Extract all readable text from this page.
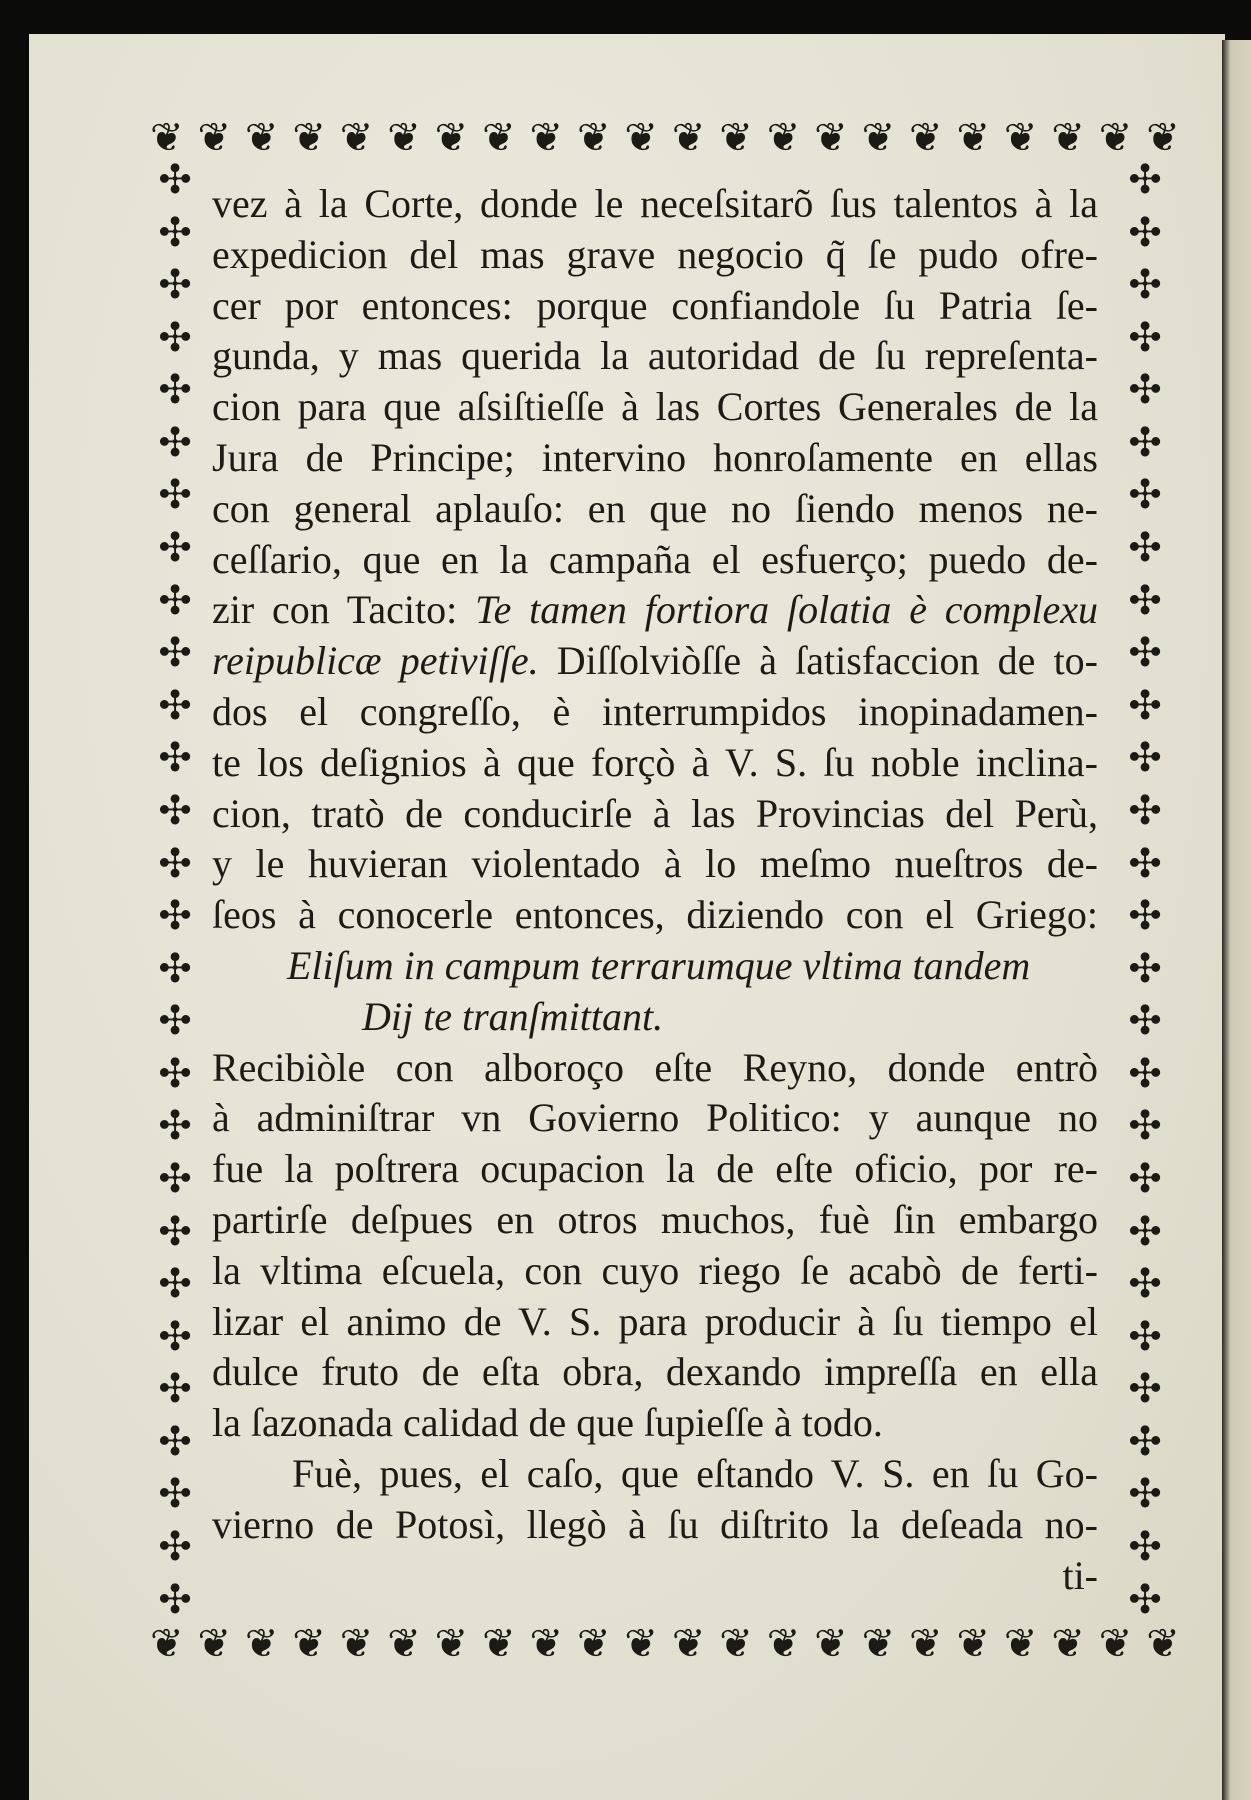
❦ ❦ ❦ ❦ ❦ ❦ ❦ ❦ ❦ ❦ ❦ ❦ ❦ ❦ ❦ ❦ ❦ ❦ ❦ ❦ ❦ ❦
❦ ❦ ❦ ❦ ❦ ❦ ❦ ❦ ❦ ❦ ❦ ❦ ❦ ❦ ❦ ❦ ❦ ❦ ❦ ❦ ❦ ❦
✣
✣
✣
✣
✣
✣
✣
✣
✣
✣
✣
✣
✣
✣
✣
✣
✣
✣
✣
✣
✣
✣
✣
✣
✣
✣
✣
✣
✣
✣
✣
✣
✣
✣
✣
✣
✣
✣
✣
✣
✣
✣
✣
✣
✣
✣
✣
✣
✣
✣
✣
✣
✣
✣
✣
✣
vez à la Corte, donde le neceſsitarõ ſus talentos à la
expedicion del mas grave negocio q̃ ſe pudo ofre-
cer por entonces: porque confiandole ſu Patria ſe-
gunda, y mas querida la autoridad de ſu repreſenta-
cion para que aſsiſtieſſe à las Cortes Generales de la
Jura de Principe; intervino honroſamente en ellas
con general aplauſo: en que no ſiendo menos ne-
ceſſario, que en la campaña el esfuerço; puedo de-
zir con Tacito: Te tamen fortiora ſolatia è complexu
reipublicæ petiviſſe. Diſſolviòſſe à ſatisfaccion de to-
dos el congreſſo, è interrumpidos inopinadamen-
te los deſignios à que forçò à V. S. ſu noble inclina-
cion, tratò de conducirſe à las Provincias del Perù,
y le huvieran violentado à lo meſmo nueſtros de-
ſeos à conocerle entonces, diziendo con el Griego:
Eliſum in campum terrarumque vltima tandem
Dij te tranſmittant.
Recibiòle con alboroço eſte Reyno, donde entrò
à adminiſtrar vn Govierno Politico: y aunque no
fue la poſtrera ocupacion la de eſte oficio, por re-
partirſe deſpues en otros muchos, fuè ſin embargo
la vltima eſcuela, con cuyo riego ſe acabò de ferti-
lizar el animo de V. S. para producir à ſu tiempo el
dulce fruto de eſta obra, dexando impreſſa en ella
la ſazonada calidad de que ſupieſſe à todo.
Fuè, pues, el caſo, que eſtando V. S. en ſu Go-
vierno de Potosì, llegò à ſu diſtrito la deſeada no-
ti-
